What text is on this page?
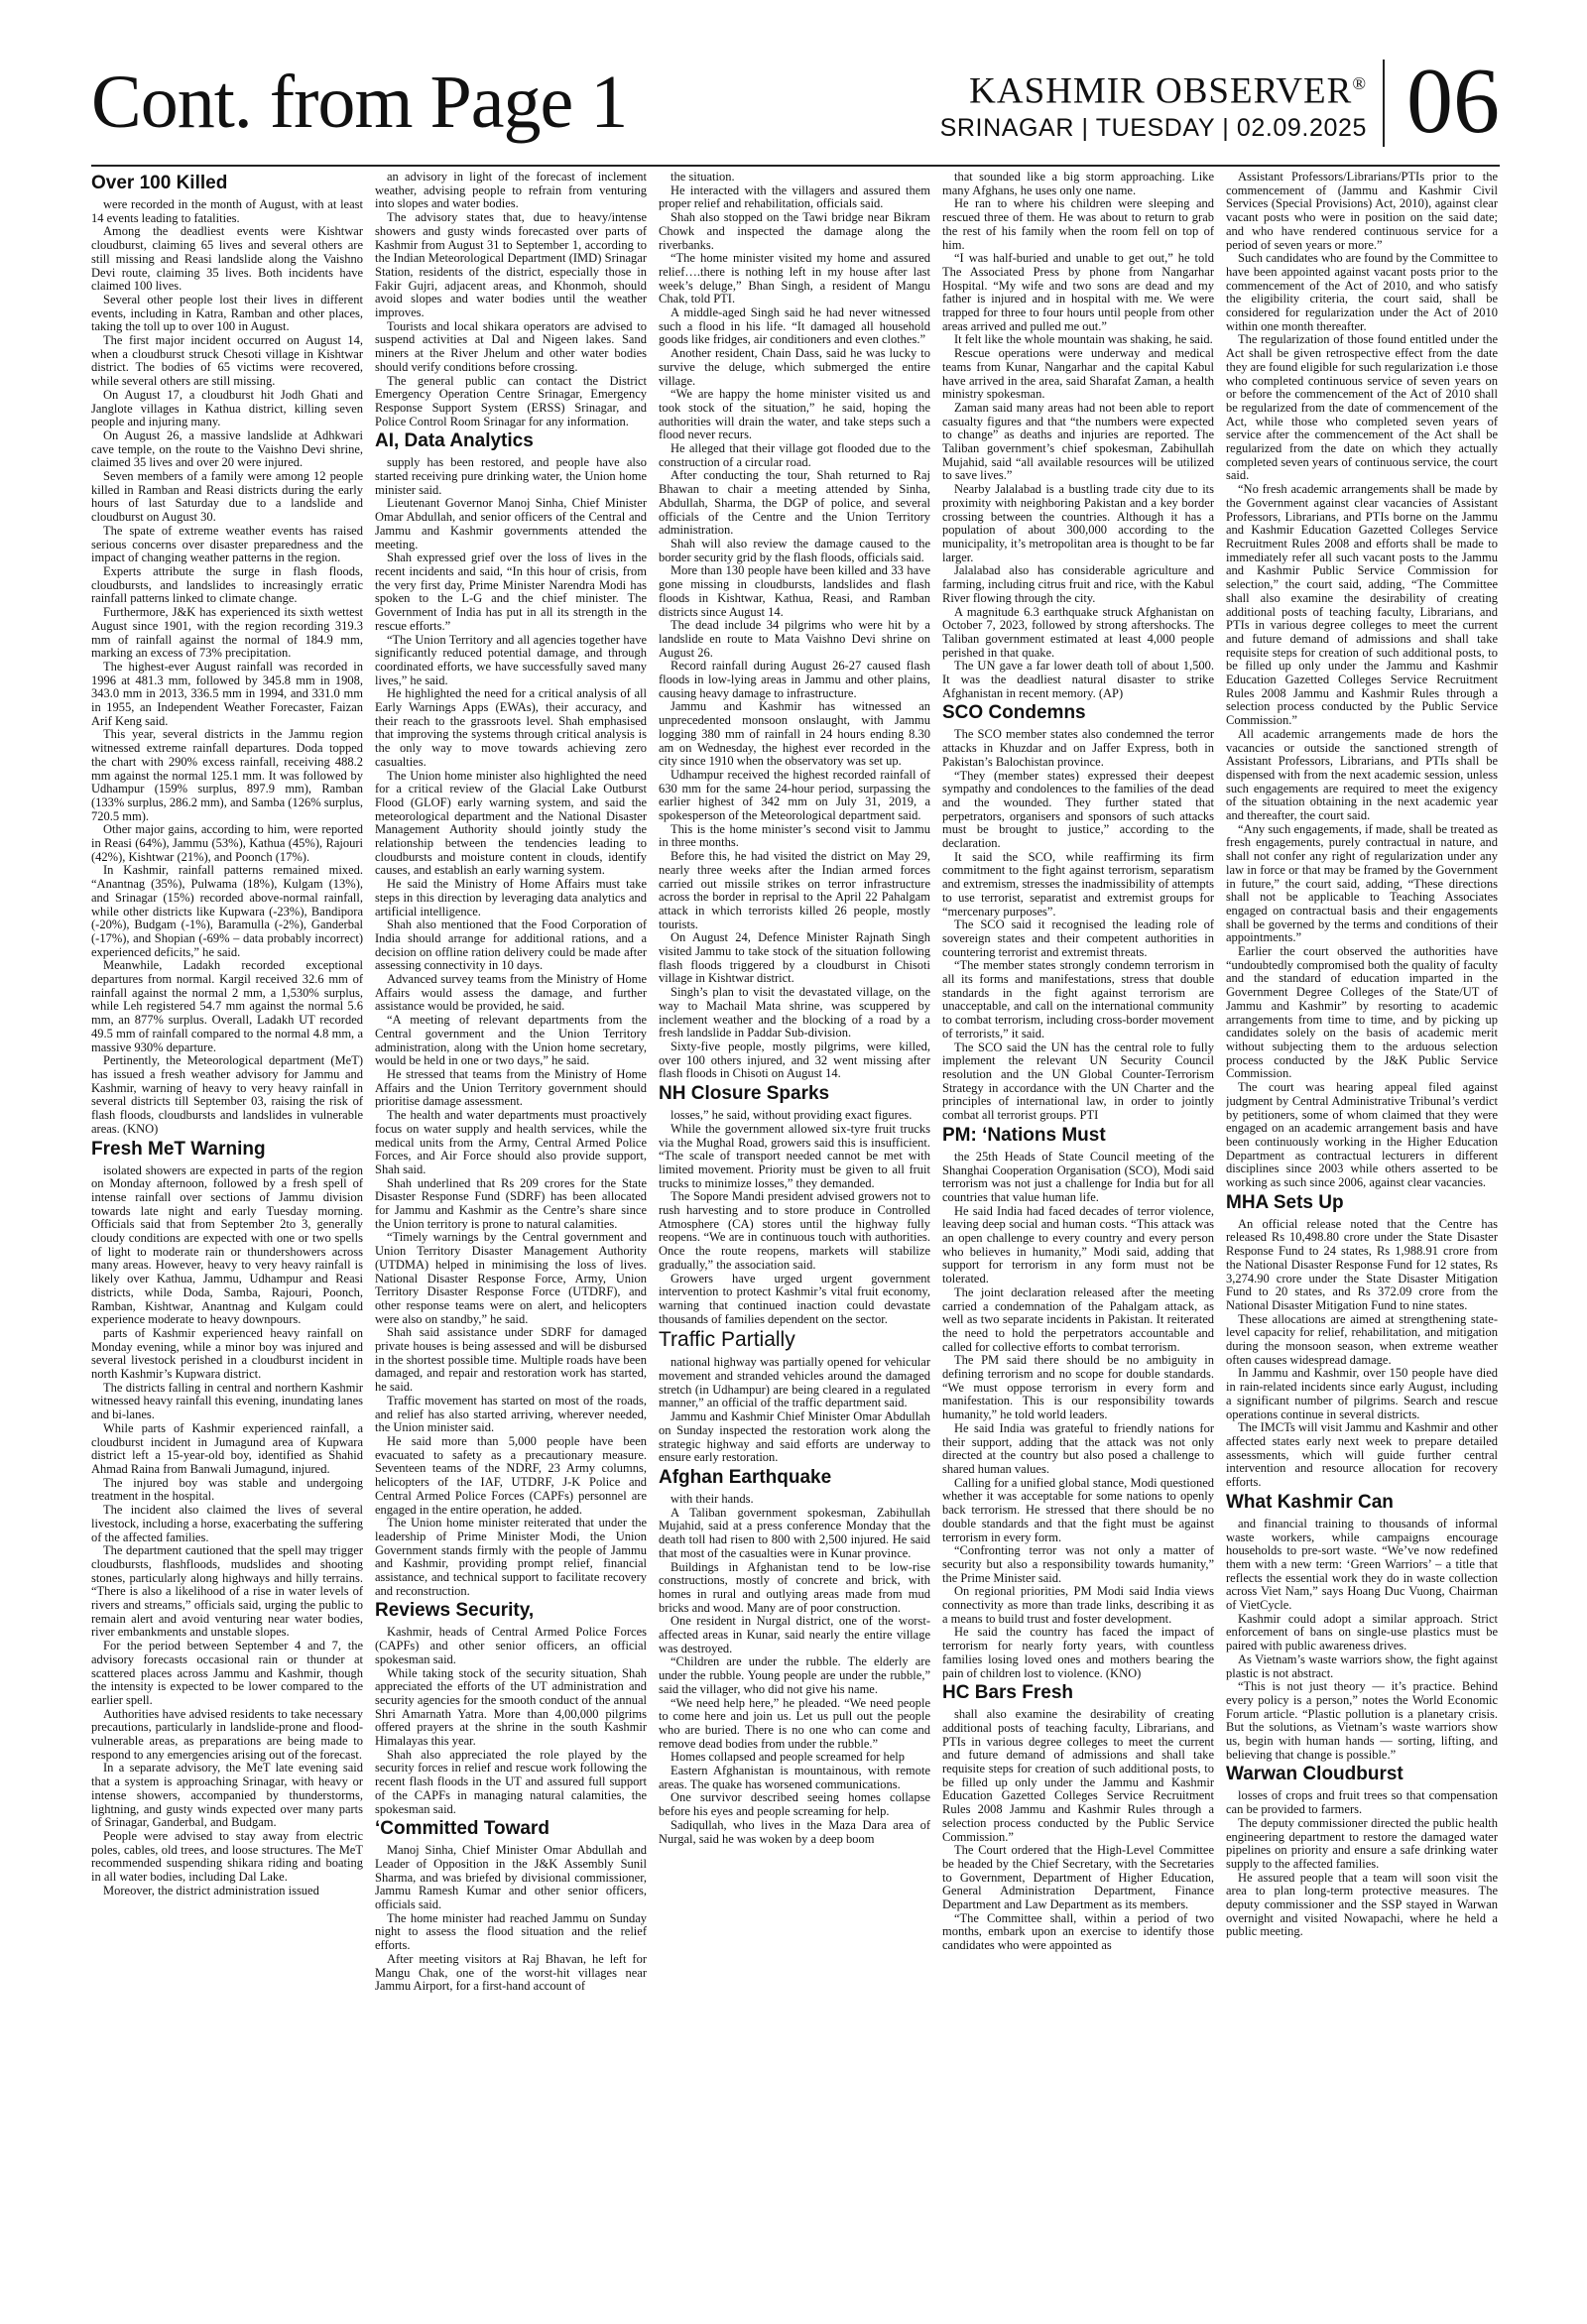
Cont. from Page 1	KASHMIR OBSERVER®
SRINAGAR | TUESDAY | 02.09.2025 06
Over 100 Killed

were recorded in the month of August, with at least 14 events leading to fatalities.

Among the deadliest events were Kishtwar cloudburst, claiming 65 lives and several others are still missing and Reasi landslide along the Vaishno Devi route, claiming 35 lives. Both incidents have claimed 100 lives.

Several other people lost their lives in different events, including in Katra, Ramban and other places, taking the toll up to over 100 in August.

The first major incident occurred on August 14, when a cloudburst struck Chesoti village in Kishtwar district. The bodies of 65 victims were recovered, while several others are still missing.

On August 17, a cloudburst hit Jodh Ghati and Janglote villages in Kathua district, killing seven people and injuring many.

On August 26, a massive landslide at Adhkwari cave temple, on the route to the Vaishno Devi shrine, claimed 35 lives and over 20 were injured.

Seven members of a family were among 12 people killed in Ramban and Reasi districts during the early hours of last Saturday due to a landslide and cloudburst on August 30.

The spate of extreme weather events has raised serious concerns over disaster preparedness and the impact of changing weather patterns in the region.

Experts attribute the surge in flash floods, cloudbursts, and landslides to increasingly erratic rainfall patterns linked to climate change.

Furthermore, J&K has experienced its sixth wettest August since 1901, with the region recording 319.3 mm of rainfall against the normal of 184.9 mm, marking an excess of 73% precipitation.

The highest-ever August rainfall was recorded in 1996 at 481.3 mm, followed by 345.8 mm in 1908, 343.0 mm in 2013, 336.5 mm in 1994, and 331.0 mm in 1955, an Independent Weather Forecaster, Faizan Arif Keng said.

This year, several districts in the Jammu region witnessed extreme rainfall departures. Doda topped the chart with 290% excess rainfall, receiving 488.2 mm against the normal 125.1 mm. It was followed by Udhampur (159% surplus, 897.9 mm), Ramban (133% surplus, 286.2 mm), and Samba (126% surplus, 720.5 mm).

Other major gains, according to him, were reported in Reasi (64%), Jammu (53%), Kathua (45%), Rajouri (42%), Kishtwar (21%), and Poonch (17%).

In Kashmir, rainfall patterns remained mixed. “Anantnag (35%), Pulwama (18%), Kulgam (13%), and Srinagar (15%) recorded above-normal rainfall, while other districts like Kupwara (-23%), Bandipora (-20%), Budgam (-1%), Baramulla (-2%), Ganderbal (-17%), and Shopian (-69% – data probably incorrect) experienced deficits,” he said.

Meanwhile, Ladakh recorded exceptional departures from normal. Kargil received 32.6 mm of rainfall against the normal 2 mm, a 1,530% surplus, while Leh registered 54.7 mm against the normal 5.6 mm, an 877% surplus. Overall, Ladakh UT recorded 49.5 mm of rainfall compared to the normal 4.8 mm, a massive 930% departure.

Pertinently, the Meteorological department (MeT) has issued a fresh weather advisory for Jammu and Kashmir, warning of heavy to very heavy rainfall in several districts till September 03, raising the risk of flash floods, cloudbursts and landslides in vulnerable areas. (KNO)

Fresh MeT Warning

isolated showers are expected in parts of the region on Monday afternoon, followed by a fresh spell of intense rainfall over sections of Jammu division towards late night and early Tuesday morning. Officials said that from September 2to 3, generally cloudy conditions are expected with one or two spells of light to moderate rain or thundershowers across many areas. However, heavy to very heavy rainfall is likely over Kathua, Jammu, Udhampur and Reasi districts, while Doda, Samba, Rajouri, Poonch, Ramban, Kishtwar, Anantnag and Kulgam could experience moderate to heavy downpours.

parts of Kashmir experienced heavy rainfall on Monday evening, while a minor boy was injured and several livestock perished in a cloudburst incident in north Kashmir’s Kupwara district.

The districts falling in central and northern Kashmir witnessed heavy rainfall this evening, inundating lanes and bi-lanes.

While parts of Kashmir experienced rainfall, a cloudburst incident in Jumagund area of Kupwara district left a 15-year-old boy, identified as Shahid Ahmad Raina from Banwali Jumagund, injured.

The injured boy was stable and undergoing treatment in the hospital.

The incident also claimed the lives of several livestock, including a horse, exacerbating the suffering of the affected families.

The department cautioned that the spell may trigger cloudbursts, flashfloods, mudslides and shooting stones, particularly along highways and hilly terrains. “There is also a likelihood of a rise in water levels of rivers and streams,” officials said, urging the public to remain alert and avoid venturing near water bodies, river embankments and unstable slopes.

For the period between September 4 and 7, the advisory forecasts occasional rain or thunder at scattered places across Jammu and Kashmir, though the intensity is expected to be lower compared to the earlier spell.

Authorities have advised residents to take necessary precautions, particularly in landslide-prone and flood-vulnerable areas, as preparations are being made to respond to any emergencies arising out of the forecast.

In a separate advisory, the MeT late evening said that a system is approaching Srinagar, with heavy or intense showers, accompanied by thunderstorms, lightning, and gusty winds expected over many parts of Srinagar, Ganderbal, and Budgam.

People were advised to stay away from electric poles, cables, old trees, and loose structures. The MeT recommended suspending shikara riding and boating in all water bodies, including Dal Lake.

Moreover, the district administration issued

an advisory in light of the forecast of inclement weather, advising people to refrain from venturing into slopes and water bodies.

The advisory states that, due to heavy/intense showers and gusty winds forecasted over parts of Kashmir from August 31 to September 1, according to the Indian Meteorological Department (IMD) Srinagar Station, residents of the district, especially those in Fakir Gujri, adjacent areas, and Khonmoh, should avoid slopes and water bodies until the weather improves.

Tourists and local shikara operators are advised to suspend activities at Dal and Nigeen lakes. Sand miners at the River Jhelum and other water bodies should verify conditions before crossing.

The general public can contact the District Emergency Operation Centre Srinagar, Emergency Response Support System (ERSS) Srinagar, and Police Control Room Srinagar for any information.

AI, Data Analytics

supply has been restored, and people have also started receiving pure drinking water, the Union home minister said.

Lieutenant Governor Manoj Sinha, Chief Minister Omar Abdullah, and senior officers of the Central and Jammu and Kashmir governments attended the meeting.

Shah expressed grief over the loss of lives in the recent incidents and said, “In this hour of crisis, from the very first day, Prime Minister Narendra Modi has spoken to the L-G and the chief minister. The Government of India has put in all its strength in the rescue efforts.”

“The Union Territory and all agencies together have significantly reduced potential damage, and through coordinated efforts, we have successfully saved many lives,” he said.

He highlighted the need for a critical analysis of all Early Warnings Apps (EWAs), their accuracy, and their reach to the grassroots level. Shah emphasised that improving the systems through critical analysis is the only way to move towards achieving zero casualties.

The Union home minister also highlighted the need for a critical review of the Glacial Lake Outburst Flood (GLOF) early warning system, and said the meteorological department and the National Disaster Management Authority should jointly study the relationship between the tendencies leading to cloudbursts and moisture content in clouds, identify causes, and establish an early warning system.

He said the Ministry of Home Affairs must take steps in this direction by leveraging data analytics and artificial intelligence.

Shah also mentioned that the Food Corporation of India should arrange for additional rations, and a decision on offline ration delivery could be made after assessing connectivity in 10 days.

Advanced survey teams from the Ministry of Home Affairs would assess the damage, and further assistance would be provided, he said.

“A meeting of relevant departments from the Central government and the Union Territory administration, along with the Union home secretary, would be held in one or two days,” he said.

He stressed that teams from the Ministry of Home Affairs and the Union Territory government should prioritise damage assessment.

The health and water departments must proactively focus on water supply and health services, while the medical units from the Army, Central Armed Police Forces, and Air Force should also provide support, Shah said.

Shah underlined that Rs 209 crores for the State Disaster Response Fund (SDRF) has been allocated for Jammu and Kashmir as the Centre’s share since the Union territory is prone to natural calamities.

“Timely warnings by the Central government and Union Territory Disaster Management Authority (UTDMA) helped in minimising the loss of lives. National Disaster Response Force, Army, Union Territory Disaster Response Force (UTDRF), and other response teams were on alert, and helicopters were also on standby,” he said.

Shah said assistance under SDRF for damaged private houses is being assessed and will be disbursed in the shortest possible time. Multiple roads have been damaged, and repair and restoration work has started, he said.

Traffic movement has started on most of the roads, and relief has also started arriving, wherever needed, the Union minister said.

He said more than 5,000 people have been evacuated to safety as a precautionary measure. Seventeen teams of the NDRF, 23 Army columns, helicopters of the IAF, UTDRF, J-K Police and Central Armed Police Forces (CAPFs) personnel are engaged in the entire operation, he added.

The Union home minister reiterated that under the leadership of Prime Minister Modi, the Union Government stands firmly with the people of Jammu and Kashmir, providing prompt relief, financial assistance, and technical support to facilitate recovery and reconstruction.

Reviews Security,

Kashmir, heads of Central Armed Police Forces (CAPFs) and other senior officers, an official spokesman said.

While taking stock of the security situation, Shah appreciated the efforts of the UT administration and security agencies for the smooth conduct of the annual Shri Amarnath Yatra. More than 4,00,000 pilgrims offered prayers at the shrine in the south Kashmir Himalayas this year.

Shah also appreciated the role played by the security forces in relief and rescue work following the recent flash floods in the UT and assured full support of the CAPFs in managing natural calamities, the spokesman said.

‘Committed Toward

Manoj Sinha, Chief Minister Omar Abdullah and Leader of Opposition in the J&K Assembly Sunil Sharma, and was briefed by divisional commissioner, Jammu Ramesh Kumar and other senior officers, officials said.

The home minister had reached Jammu on Sunday night to assess the flood situation and the relief efforts.

After meeting visitors at Raj Bhavan, he left for Mangu Chak, one of the worst-hit villages near Jammu Airport, for a first-hand account of

the situation.

He interacted with the villagers and assured them proper relief and rehabilitation, officials said.

Shah also stopped on the Tawi bridge near Bikram Chowk and inspected the damage along the riverbanks.

“The home minister visited my home and assured relief….there is nothing left in my house after last week’s deluge,” Bhan Singh, a resident of Mangu Chak, told PTI.

A middle-aged Singh said he had never witnessed such a flood in his life. “It damaged all household goods like fridges, air conditioners and even clothes.”

Another resident, Chain Dass, said he was lucky to survive the deluge, which submerged the entire village.

“We are happy the home minister visited us and took stock of the situation,” he said, hoping the authorities will drain the water, and take steps such a flood never recurs.

He alleged that their village got flooded due to the construction of a circular road.

After conducting the tour, Shah returned to Raj Bhawan to chair a meeting attended by Sinha, Abdullah, Sharma, the DGP of police, and several officials of the Centre and the Union Territory administration.

Shah will also review the damage caused to the border security grid by the flash floods, officials said.

More than 130 people have been killed and 33 have gone missing in cloudbursts, landslides and flash floods in Kishtwar, Kathua, Reasi, and Ramban districts since August 14.

The dead include 34 pilgrims who were hit by a landslide en route to Mata Vaishno Devi shrine on August 26.

Record rainfall during August 26-27 caused flash floods in low-lying areas in Jammu and other plains, causing heavy damage to infrastructure.

Jammu and Kashmir has witnessed an unprecedented monsoon onslaught, with Jammu logging 380 mm of rainfall in 24 hours ending 8.30 am on Wednesday, the highest ever recorded in the city since 1910 when the observatory was set up.

Udhampur received the highest recorded rainfall of 630 mm for the same 24-hour period, surpassing the earlier highest of 342 mm on July 31, 2019, a spokesperson of the Meteorological department said.

This is the home minister’s second visit to Jammu in three months.

Before this, he had visited the district on May 29, nearly three weeks after the Indian armed forces carried out missile strikes on terror infrastructure across the border in reprisal to the April 22 Pahalgam attack in which terrorists killed 26 people, mostly tourists.

On August 24, Defence Minister Rajnath Singh visited Jammu to take stock of the situation following flash floods triggered by a cloudburst in Chisoti village in Kishtwar district.

Singh’s plan to visit the devastated village, on the way to Machail Mata shrine, was scuppered by inclement weather and the blocking of a road by a fresh landslide in Paddar Sub-division.

Sixty-five people, mostly pilgrims, were killed, over 100 others injured, and 32 went missing after flash floods in Chisoti on August 14.

NH Closure Sparks

losses,” he said, without providing exact figures.

While the government allowed six-tyre fruit trucks via the Mughal Road, growers said this is insufficient. “The scale of transport needed cannot be met with limited movement. Priority must be given to all fruit trucks to minimize losses,” they demanded.

The Sopore Mandi president advised growers not to rush harvesting and to store produce in Controlled Atmosphere (CA) stores until the highway fully reopens. “We are in continuous touch with authorities. Once the route reopens, markets will stabilize gradually,” the association said.

Growers have urged urgent government intervention to protect Kashmir’s vital fruit economy, warning that continued inaction could devastate thousands of families dependent on the sector.

Traffic Partially

national highway was partially opened for vehicular movement and stranded vehicles around the damaged stretch (in Udhampur) are being cleared in a regulated manner,” an official of the traffic department said.

Jammu and Kashmir Chief Minister Omar Abdullah on Sunday inspected the restoration work along the strategic highway and said efforts are underway to ensure early restoration.

Afghan Earthquake

with their hands.

A Taliban government spokesman, Zabihullah Mujahid, said at a press conference Monday that the death toll had risen to 800 with 2,500 injured. He said that most of the casualties were in Kunar province.

Buildings in Afghanistan tend to be low-rise constructions, mostly of concrete and brick, with homes in rural and outlying areas made from mud bricks and wood. Many are of poor construction.

One resident in Nurgal district, one of the worst-affected areas in Kunar, said nearly the entire village was destroyed.

“Children are under the rubble. The elderly are under the rubble. Young people are under the rubble,” said the villager, who did not give his name.

“We need help here,” he pleaded. “We need people to come here and join us. Let us pull out the people who are buried. There is no one who can come and remove dead bodies from under the rubble.”

Homes collapsed and people screamed for help

Eastern Afghanistan is mountainous, with remote areas. The quake has worsened communications.

One survivor described seeing homes collapse before his eyes and people screaming for help.

Sadiqullah, who lives in the Maza Dara area of Nurgal, said he was woken by a deep boom

that sounded like a big storm approaching. Like many Afghans, he uses only one name.

He ran to where his children were sleeping and rescued three of them. He was about to return to grab the rest of his family when the room fell on top of him.

“I was half-buried and unable to get out,” he told The Associated Press by phone from Nangarhar Hospital. “My wife and two sons are dead and my father is injured and in hospital with me. We were trapped for three to four hours until people from other areas arrived and pulled me out.”

It felt like the whole mountain was shaking, he said.

Rescue operations were underway and medical teams from Kunar, Nangarhar and the capital Kabul have arrived in the area, said Sharafat Zaman, a health ministry spokesman.

Zaman said many areas had not been able to report casualty figures and that “the numbers were expected to change” as deaths and injuries are reported. The Taliban government’s chief spokesman, Zabihullah Mujahid, said “all available resources will be utilized to save lives.”

Nearby Jalalabad is a bustling trade city due to its proximity with neighboring Pakistan and a key border crossing between the countries. Although it has a population of about 300,000 according to the municipality, it’s metropolitan area is thought to be far larger.

Jalalabad also has considerable agriculture and farming, including citrus fruit and rice, with the Kabul River flowing through the city.

A magnitude 6.3 earthquake struck Afghanistan on October 7, 2023, followed by strong aftershocks. The Taliban government estimated at least 4,000 people perished in that quake.

The UN gave a far lower death toll of about 1,500. It was the deadliest natural disaster to strike Afghanistan in recent memory. (AP)

SCO Condemns

The SCO member states also condemned the terror attacks in Khuzdar and on Jaffer Express, both in Pakistan’s Balochistan province.

“They (member states) expressed their deepest sympathy and condolences to the families of the dead and the wounded. They further stated that perpetrators, organisers and sponsors of such attacks must be brought to justice,” according to the declaration.

It said the SCO, while reaffirming its firm commitment to the fight against terrorism, separatism and extremism, stresses the inadmissibility of attempts to use terrorist, separatist and extremist groups for “mercenary purposes”.

The SCO said it recognised the leading role of sovereign states and their competent authorities in countering terrorist and extremist threats.

“The member states strongly condemn terrorism in all its forms and manifestations, stress that double standards in the fight against terrorism are unacceptable, and call on the international community to combat terrorism, including cross-border movement of terrorists,” it said.

The SCO said the UN has the central role to fully implement the relevant UN Security Council resolution and the UN Global Counter-Terrorism Strategy in accordance with the UN Charter and the principles of international law, in order to jointly combat all terrorist groups. PTI

PM: ‘Nations Must

the 25th Heads of State Council meeting of the Shanghai Cooperation Organisation (SCO), Modi said terrorism was not just a challenge for India but for all countries that value human life.

He said India had faced decades of terror violence, leaving deep social and human costs. “This attack was an open challenge to every country and every person who believes in humanity,” Modi said, adding that support for terrorism in any form must not be tolerated.

The joint declaration released after the meeting carried a condemnation of the Pahalgam attack, as well as two separate incidents in Pakistan. It reiterated the need to hold the perpetrators accountable and called for collective efforts to combat terrorism.

The PM said there should be no ambiguity in defining terrorism and no scope for double standards. “We must oppose terrorism in every form and manifestation. This is our responsibility towards humanity,” he told world leaders.

He said India was grateful to friendly nations for their support, adding that the attack was not only directed at the country but also posed a challenge to shared human values.

Calling for a unified global stance, Modi questioned whether it was acceptable for some nations to openly back terrorism. He stressed that there should be no double standards and that the fight must be against terrorism in every form.

“Confronting terror was not only a matter of security but also a responsibility towards humanity,” the Prime Minister said.

On regional priorities, PM Modi said India views connectivity as more than trade links, describing it as a means to build trust and foster development.

He said the country has faced the impact of terrorism for nearly forty years, with countless families losing loved ones and mothers bearing the pain of children lost to violence. (KNO)

HC Bars Fresh

shall also examine the desirability of creating additional posts of teaching faculty, Librarians, and PTIs in various degree colleges to meet the current and future demand of admissions and shall take requisite steps for creation of such additional posts, to be filled up only under the Jammu and Kashmir Education Gazetted Colleges Service Recruitment Rules 2008 Jammu and Kashmir Rules through a selection process conducted by the Public Service Commission.”

The Court ordered that the High-Level Committee be headed by the Chief Secretary, with the Secretaries to Government, Department of Higher Education, General Administration Department, Finance Department and Law Department as its members.

“The Committee shall, within a period of two months, embark upon an exercise to identify those candidates who were appointed as

Assistant Professors/Librarians/PTIs prior to the commencement of (Jammu and Kashmir Civil Services (Special Provisions) Act, 2010), against clear vacant posts who were in position on the said date; and who have rendered continuous service for a period of seven years or more.”

Such candidates who are found by the Committee to have been appointed against vacant posts prior to the commencement of the Act of 2010, and who satisfy the eligibility criteria, the court said, shall be considered for regularization under the Act of 2010 within one month thereafter.

The regularization of those found entitled under the Act shall be given retrospective effect from the date they are found eligible for such regularization i.e those who completed continuous service of seven years on or before the commencement of the Act of 2010 shall be regularized from the date of commencement of the Act, while those who completed seven years of service after the commencement of the Act shall be regularized from the date on which they actually completed seven years of continuous service, the court said.

“No fresh academic arrangements shall be made by the Government against clear vacancies of Assistant Professors, Librarians, and PTIs borne on the Jammu and Kashmir Education Gazetted Colleges Service Recruitment Rules 2008 and efforts shall be made to immediately refer all such vacant posts to the Jammu and Kashmir Public Service Commission for selection,” the court said, adding, “The Committee shall also examine the desirability of creating additional posts of teaching faculty, Librarians, and PTIs in various degree colleges to meet the current and future demand of admissions and shall take requisite steps for creation of such additional posts, to be filled up only under the Jammu and Kashmir Education Gazetted Colleges Service Recruitment Rules 2008 Jammu and Kashmir Rules through a selection process conducted by the Public Service Commission.”

All academic arrangements made de hors the vacancies or outside the sanctioned strength of Assistant Professors, Librarians, and PTIs shall be dispensed with from the next academic session, unless such engagements are required to meet the exigency of the situation obtaining in the next academic year and thereafter, the court said.

“Any such engagements, if made, shall be treated as fresh engagements, purely contractual in nature, and shall not confer any right of regularization under any law in force or that may be framed by the Government in future,” the court said, adding, “These directions shall not be applicable to Teaching Associates engaged on contractual basis and their engagements shall be governed by the terms and conditions of their appointments.”

Earlier the court observed the authorities have “undoubtedly compromised both the quality of faculty and the standard of education imparted in the Government Degree Colleges of the State/UT of Jammu and Kashmir” by resorting to academic arrangements from time to time, and by picking up candidates solely on the basis of academic merit without subjecting them to the arduous selection process conducted by the J&K Public Service Commission.

The court was hearing appeal filed against judgment by Central Administrative Tribunal’s verdict by petitioners, some of whom claimed that they were engaged on an academic arrangement basis and have been continuously working in the Higher Education Department as contractual lecturers in different disciplines since 2003 while others asserted to be working as such since 2006, against clear vacancies.

MHA Sets Up

An official release noted that the Centre has released Rs 10,498.80 crore under the State Disaster Response Fund to 24 states, Rs 1,988.91 crore from the National Disaster Response Fund for 12 states, Rs 3,274.90 crore under the State Disaster Mitigation Fund to 20 states, and Rs 372.09 crore from the National Disaster Mitigation Fund to nine states.

These allocations are aimed at strengthening state-level capacity for relief, rehabilitation, and mitigation during the monsoon season, when extreme weather often causes widespread damage.

In Jammu and Kashmir, over 150 people have died in rain-related incidents since early August, including a significant number of pilgrims. Search and rescue operations continue in several districts.

The IMCTs will visit Jammu and Kashmir and other affected states early next week to prepare detailed assessments, which will guide further central intervention and resource allocation for recovery efforts.

What Kashmir Can

and financial training to thousands of informal waste workers, while campaigns encourage households to pre-sort waste. “We’ve now redefined them with a new term: ‘Green Warriors’ – a title that reflects the essential work they do in waste collection across Viet Nam,” says Hoang Duc Vuong, Chairman of VietCycle.

Kashmir could adopt a similar approach. Strict enforcement of bans on single-use plastics must be paired with public awareness drives.

As Vietnam’s waste warriors show, the fight against plastic is not abstract.

“This is not just theory — it’s practice. Behind every policy is a person,” notes the World Economic Forum article. “Plastic pollution is a planetary crisis. But the solutions, as Vietnam’s waste warriors show us, begin with human hands — sorting, lifting, and believing that change is possible.”

Warwan Cloudburst

losses of crops and fruit trees so that compensation can be provided to farmers.

The deputy commissioner directed the public health engineering department to restore the damaged water pipelines on priority and ensure a safe drinking water supply to the affected families.

He assured people that a team will soon visit the area to plan long-term protective measures. The deputy commissioner and the SSP stayed in Warwan overnight and visited Nowapachi, where he held a public meeting.
